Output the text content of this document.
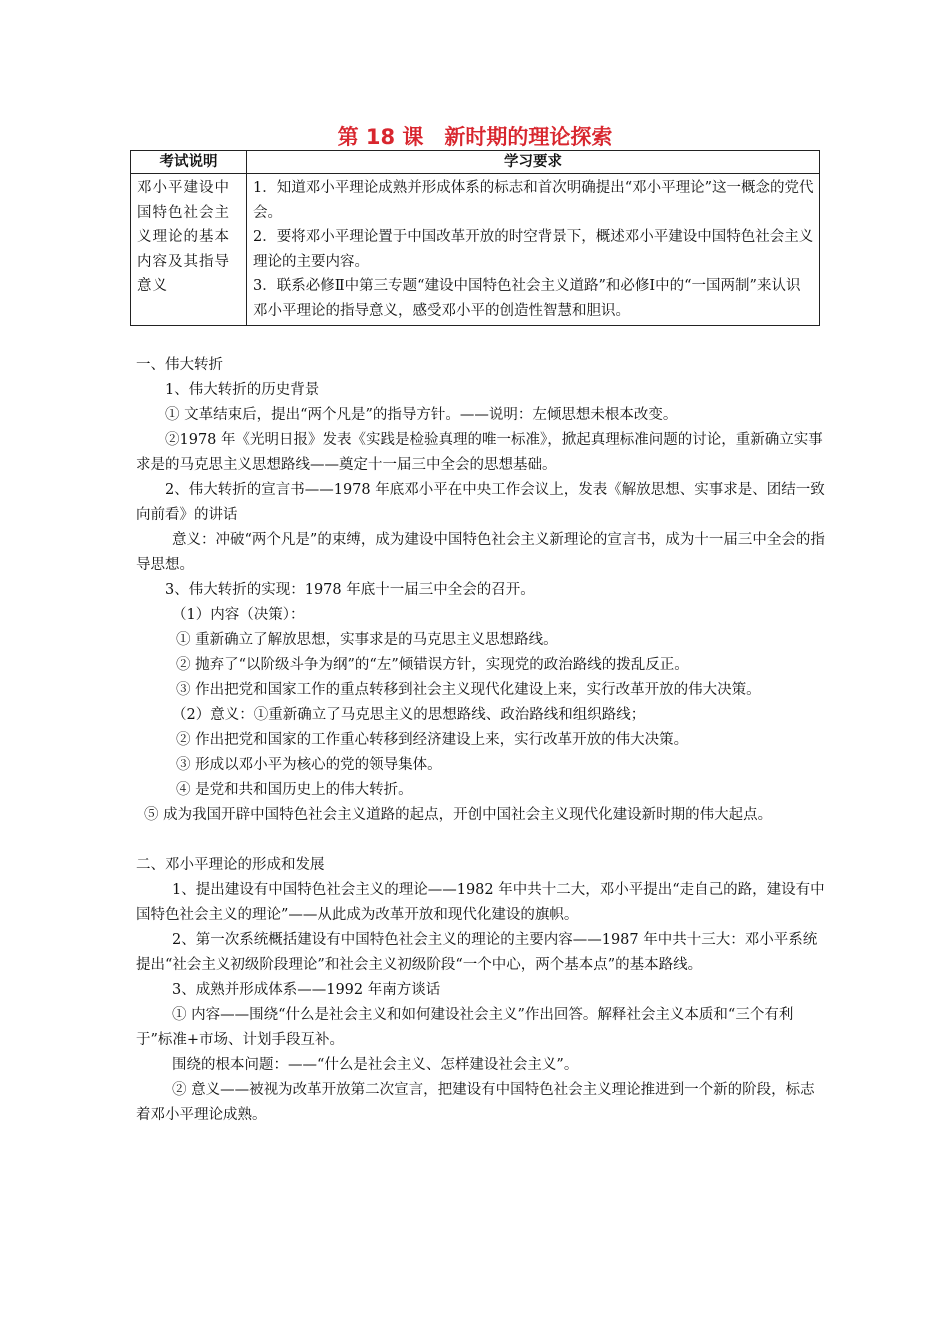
第 18 课　新时期的理论探索
考试说明	学习要求
邓小平建设中国特色社会主义理论的基本内容及其指导意义	1．知道邓小平理论成熟并形成体系的标志和首次明确提出“邓小平理论”这一概念的党代会。
2．要将邓小平理论置于中国改革开放的时空背景下，概述邓小平建设中国特色社会主义理论的主要内容。
3．联系必修Ⅱ中第三专题“建设中国特色社会主义道路”和必修Ⅰ中的“一国两制”来认识邓小平理论的指导意义，感受邓小平的创造性智慧和胆识。

一、伟大转折

1、伟大转折的历史背景

① 文革结束后，提出“两个凡是”的指导方针。——说明：左倾思想未根本改变。

②1978 年《光明日报》发表《实践是检验真理的唯一标准》，掀起真理标准问题的讨论，重新确立实事求是的马克思主义思想路线——奠定十一届三中全会的思想基础。

2、伟大转折的宣言书——1978 年底邓小平在中央工作会议上，发表《解放思想、实事求是、团结一致向前看》的讲话

意义：冲破“两个凡是”的束缚，成为建设中国特色社会主义新理论的宣言书，成为十一届三中全会的指导思想。

3、伟大转折的实现：1978 年底十一届三中全会的召开。

（1）内容（决策）：

① 重新确立了解放思想，实事求是的马克思主义思想路线。

② 抛弃了“以阶级斗争为纲”的“左”倾错误方针，实现党的政治路线的拨乱反正。

③ 作出把党和国家工作的重点转移到社会主义现代化建设上来，实行改革开放的伟大决策。

（2）意义：①重新确立了马克思主义的思想路线、政治路线和组织路线；

② 作出把党和国家的工作重心转移到经济建设上来，实行改革开放的伟大决策。

③ 形成以邓小平为核心的党的领导集体。

④ 是党和共和国历史上的伟大转折。

⑤ 成为我国开辟中国特色社会主义道路的起点，开创中国社会主义现代化建设新时期的伟大起点。

二、邓小平理论的形成和发展

1、提出建设有中国特色社会主义的理论——1982 年中共十二大，邓小平提出“走自己的路，建设有中国特色社会主义的理论”——从此成为改革开放和现代化建设的旗帜。

2、第一次系统概括建设有中国特色社会主义的理论的主要内容——1987 年中共十三大：邓小平系统提出“社会主义初级阶段理论”和社会主义初级阶段“一个中心，两个基本点”的基本路线。

3、成熟并形成体系——1992 年南方谈话

① 内容——围绕“什么是社会主义和如何建设社会主义”作出回答。解释社会主义本质和“三个有利于”标准+市场、计划手段互补。

围绕的根本问题：——“什么是社会主义、怎样建设社会主义”。

② 意义——被视为改革开放第二次宣言，把建设有中国特色社会主义理论推进到一个新的阶段，标志着邓小平理论成熟。
